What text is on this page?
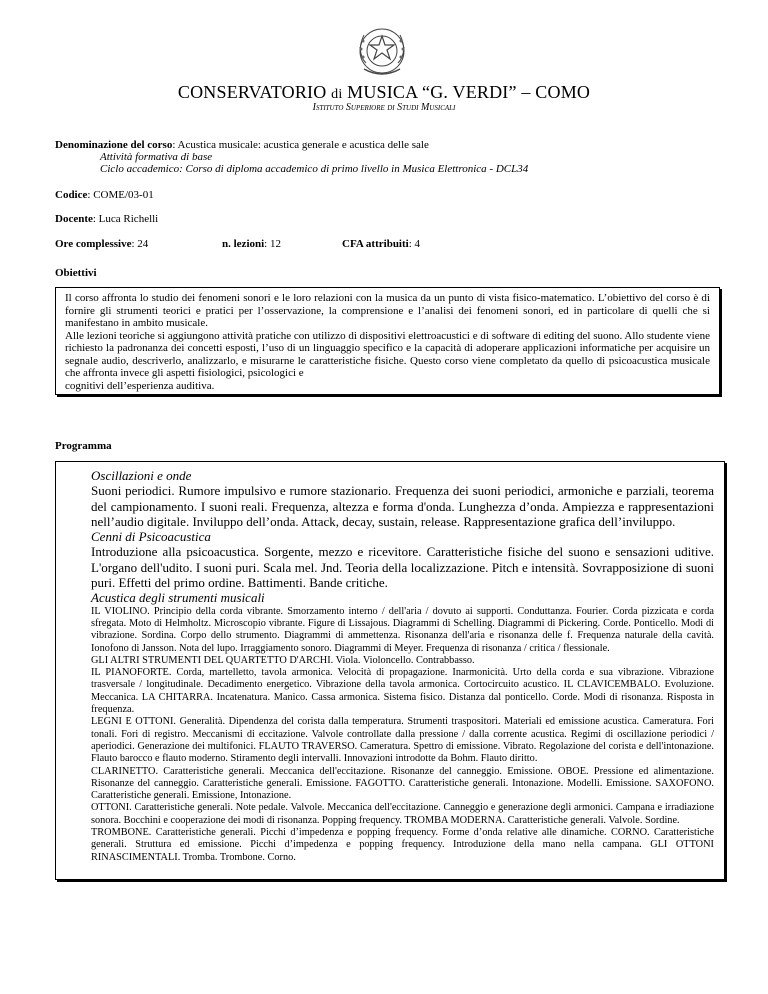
CONSERVATORIO di MUSICA “G. VERDI” – COMO
Istituto Superiore di Studi Musicali
Denominazione del corso: Acustica musicale: acustica generale e acustica delle sale
Attività formativa di base
Ciclo accademico: Corso di diploma accademico di primo livello in Musica Elettronica - DCL34
Codice: COME/03-01
Docente: Luca Richelli
Ore complessive: 24	n. lezioni: 12	CFA attribuiti: 4
Obiettivi

Il corso affronta lo studio dei fenomeni sonori e le loro relazioni con la musica da un punto di vista fisico-matematico. L’obiettivo del corso è di fornire gli strumenti teorici e pratici per l’osservazione, la comprensione e l’analisi dei fenomeni sonori, ed in particolare di quelli che si manifestano in ambito musicale.

Alle lezioni teoriche si aggiungono attività pratiche con utilizzo di dispositivi elettroacustici e di software di editing del suono. Allo studente viene richiesto la padronanza dei concetti esposti, l’uso di un linguaggio specifico e la capacità di adoperare applicazioni informatiche per acquisire un segnale audio, descriverlo, analizzarlo, e misurarne le caratteristiche fisiche. Questo corso viene completato da quello di psicoacustica musicale che affronta invece gli aspetti fisiologici, psicologici e

cognitivi dell’esperienza auditiva.

Programma

Oscillazioni e onde

Suoni periodici. Rumore impulsivo e rumore stazionario. Frequenza dei suoni periodici, armoniche e parziali, teorema del campionamento. I suoni reali. Frequenza, altezza e forma d'onda. Lunghezza d’onda. Ampiezza e rappresentazioni nell’audio digitale. Inviluppo dell’onda. Attack, decay, sustain, release. Rappresentazione grafica dell’inviluppo.

Cenni di Psicoacustica

Introduzione alla psicoacustica. Sorgente, mezzo e ricevitore. Caratteristiche fisiche del suono e sensazioni uditive. L'organo dell'udito. I suoni puri. Scala mel. Jnd. Teoria della localizzazione. Pitch e intensità. Sovrapposizione di suoni puri. Effetti del primo ordine. Battimenti. Bande critiche.

Acustica degli strumenti musicali

IL VIOLINO. Principio della corda vibrante. Smorzamento interno / dell'aria / dovuto ai supporti. Conduttanza. Fourier. Corda pizzicata e corda sfregata. Moto di Helmholtz. Microscopio vibrante. Figure di Lissajous. Diagrammi di Schelling. Diagrammi di Pickering. Corde. Ponticello. Modi di vibrazione. Sordina. Corpo dello strumento. Diagrammi di ammettenza. Risonanza dell'aria e risonanza delle f. Frequenza naturale della cavità. Ionofono di Jansson. Nota del lupo. Irraggiamento sonoro. Diagrammi di Meyer. Frequenza di risonanza / critica / flessionale.

GLI ALTRI STRUMENTI DEL QUARTETTO D'ARCHI. Viola. Violoncello. Contrabbasso.

IL PIANOFORTE. Corda, martelletto, tavola armonica. Velocità di propagazione. Inarmonicità. Urto della corda e sua vibrazione. Vibrazione trasversale / longitudinale. Decadimento energetico. Vibrazione della tavola armonica. Cortocircuito acustico. IL CLAVICEMBALO. Evoluzione. Meccanica. LA CHITARRA. Incatenatura. Manico. Cassa armonica. Sistema fisico. Distanza dal ponticello. Corde. Modi di risonanza. Risposta in frequenza.

LEGNI E OTTONI. Generalità. Dipendenza del corista dalla temperatura. Strumenti traspositori. Materiali ed emissione acustica. Cameratura. Fori tonali. Fori di registro. Meccanismi di eccitazione. Valvole controllate dalla pressione / dalla corrente acustica. Regimi di oscillazione periodici / aperiodici. Generazione dei multifonici. FLAUTO TRAVERSO. Cameratura. Spettro di emissione. Vibrato. Regolazione del corista e dell'intonazione. Flauto barocco e flauto moderno. Stiramento degli intervalli. Innovazioni introdotte da Bohm. Flauto diritto.

CLARINETTO. Caratteristiche generali. Meccanica dell'eccitazione. Risonanze del canneggio. Emissione. OBOE. Pressione ed alimentazione. Risonanze del canneggio. Caratteristiche generali. Emissione. FAGOTTO. Caratteristiche generali. Intonazione. Modelli. Emissione. SAXOFONO. Caratteristiche generali. Emissione, Intonazione.

OTTONI. Caratteristiche generali. Note pedale. Valvole. Meccanica dell'eccitazione. Canneggio e generazione degli armonici. Campana e irradiazione sonora. Bocchini e cooperazione dei modi di risonanza. Popping frequency. TROMBA MODERNA. Caratteristiche generali. Valvole. Sordine.

TROMBONE. Caratteristiche generali. Picchi d’impedenza e popping frequency. Forme d’onda relative alle dinamiche. CORNO. Caratteristiche generali. Struttura ed emissione. Picchi d’impedenza e popping frequency. Introduzione della mano nella campana. GLI OTTONI RINASCIMENTALI. Tromba. Trombone. Corno.
